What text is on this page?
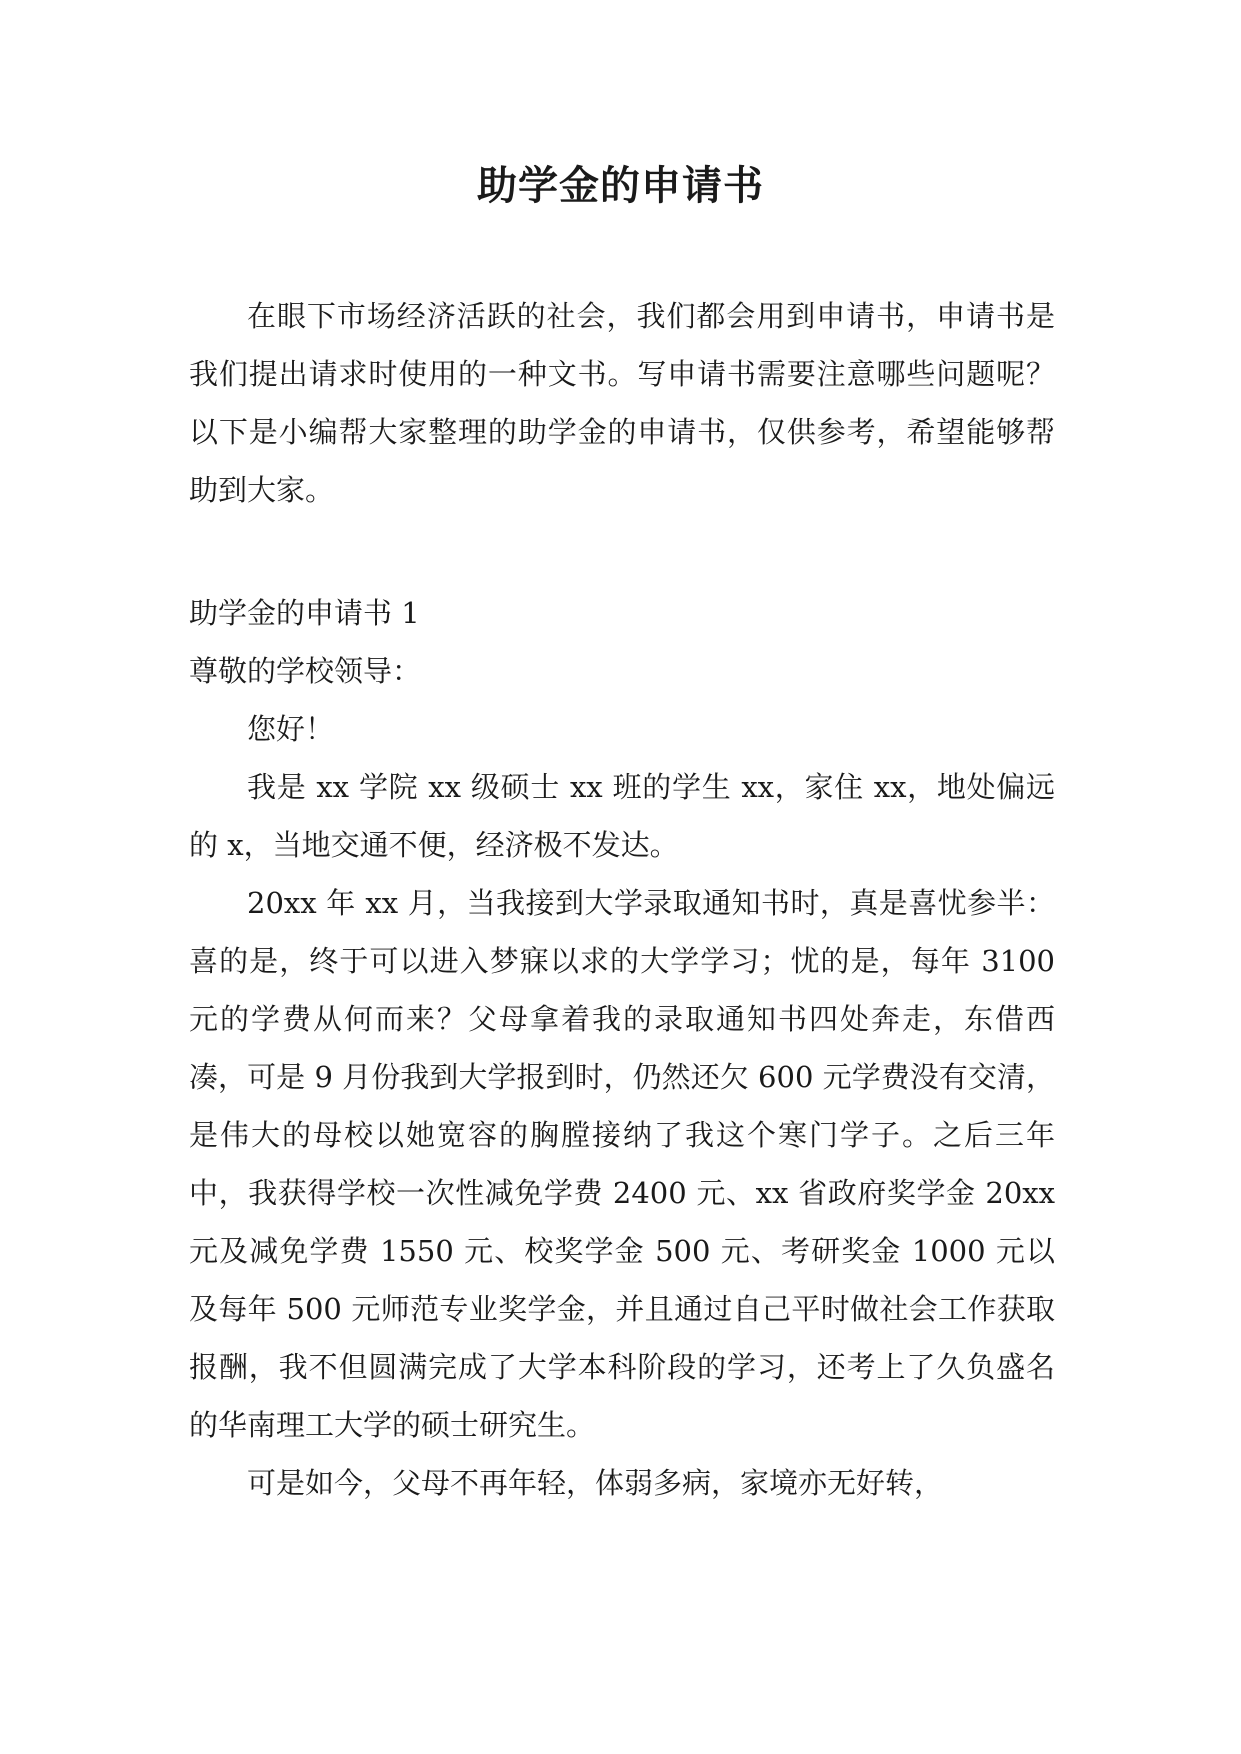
助学金的申请书

在眼下市场经济活跃的社会，我们都会用到申请书，申请书是我们提出请求时使用的一种文书。写申请书需要注意哪些问题呢？以下是小编帮大家整理的助学金的申请书，仅供参考，希望能够帮助到大家。

助学金的申请书 1

尊敬的学校领导：

您好！

我是 xx 学院 xx 级硕士 xx 班的学生 xx，家住 xx，地处偏远的 x，当地交通不便，经济极不发达。

20xx 年 xx 月，当我接到大学录取通知书时，真是喜忧参半：喜的是，终于可以进入梦寐以求的大学学习；忧的是，每年 3100 元的学费从何而来？父母拿着我的录取通知书四处奔走，东借西凑，可是 9 月份我到大学报到时，仍然还欠 600 元学费没有交清，是伟大的母校以她宽容的胸膛接纳了我这个寒门学子。之后三年中，我获得学校一次性减免学费 2400 元、xx 省政府奖学金 20xx 元及减免学费 1550 元、校奖学金 500 元、考研奖金 1000 元以及每年 500 元师范专业奖学金，并且通过自己平时做社会工作获取报酬，我不但圆满完成了大学本科阶段的学习，还考上了久负盛名的华南理工大学的硕士研究生。

可是如今，父母不再年轻，体弱多病，家境亦无好转，
